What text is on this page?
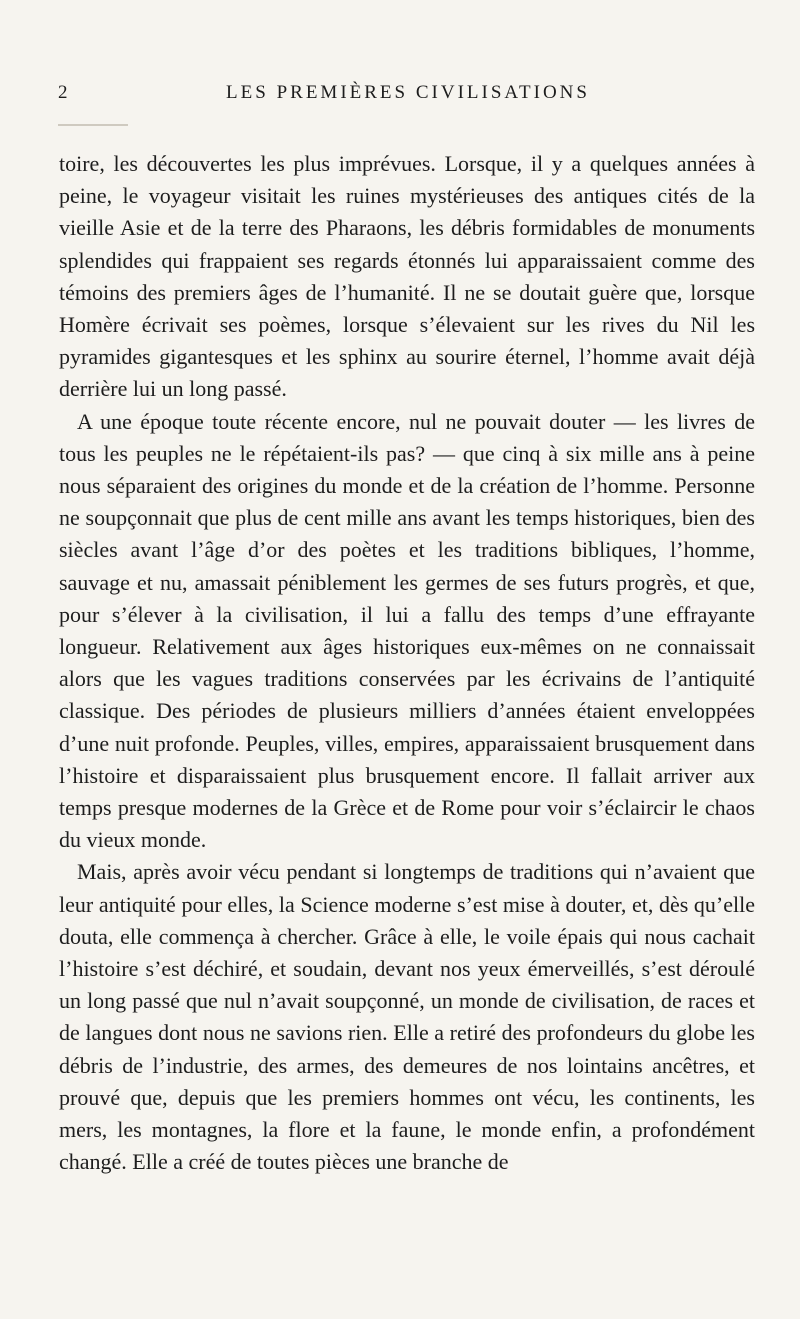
2	LES PREMIÈRES CIVILISATIONS

toire, les découvertes les plus imprévues. Lorsque, il y a quelques années à peine, le voyageur visitait les ruines mystérieuses des antiques cités de la vieille Asie et de la terre des Pharaons, les débris formidables de monuments splendides qui frappaient ses regards étonnés lui apparaissaient comme des témoins des premiers âges de l’humanité. Il ne se doutait guère que, lorsque Homère écrivait ses poèmes, lorsque s’élevaient sur les rives du Nil les pyramides gigantesques et les sphinx au sourire éternel, l’homme avait déjà derrière lui un long passé.

A une époque toute récente encore, nul ne pouvait douter — les livres de tous les peuples ne le répétaient-ils pas? — que cinq à six mille ans à peine nous séparaient des origines du monde et de la création de l’homme. Personne ne soupçonnait que plus de cent mille ans avant les temps historiques, bien des siècles avant l’âge d’or des poètes et les traditions bibliques, l’homme, sauvage et nu, amassait péniblement les germes de ses futurs progrès, et que, pour s’élever à la civilisation, il lui a fallu des temps d’une effrayante longueur. Relativement aux âges historiques eux-mêmes on ne connaissait alors que les vagues traditions conservées par les écrivains de l’antiquité classique. Des périodes de plusieurs milliers d’années étaient enveloppées d’une nuit profonde. Peuples, villes, empires, apparaissaient brusquement dans l’histoire et disparaissaient plus brusquement encore. Il fallait arriver aux temps presque modernes de la Grèce et de Rome pour voir s’éclaircir le chaos du vieux monde.

Mais, après avoir vécu pendant si longtemps de traditions qui n’avaient que leur antiquité pour elles, la Science moderne s’est mise à douter, et, dès qu’elle douta, elle commença à chercher. Grâce à elle, le voile épais qui nous cachait l’histoire s’est déchiré, et soudain, devant nos yeux émerveillés, s’est déroulé un long passé que nul n’avait soupçonné, un monde de civilisation, de races et de langues dont nous ne savions rien. Elle a retiré des profondeurs du globe les débris de l’industrie, des armes, des demeures de nos lointains ancêtres, et prouvé que, depuis que les premiers hommes ont vécu, les continents, les mers, les montagnes, la flore et la faune, le monde enfin, a profondément changé. Elle a créé de toutes pièces une branche de
